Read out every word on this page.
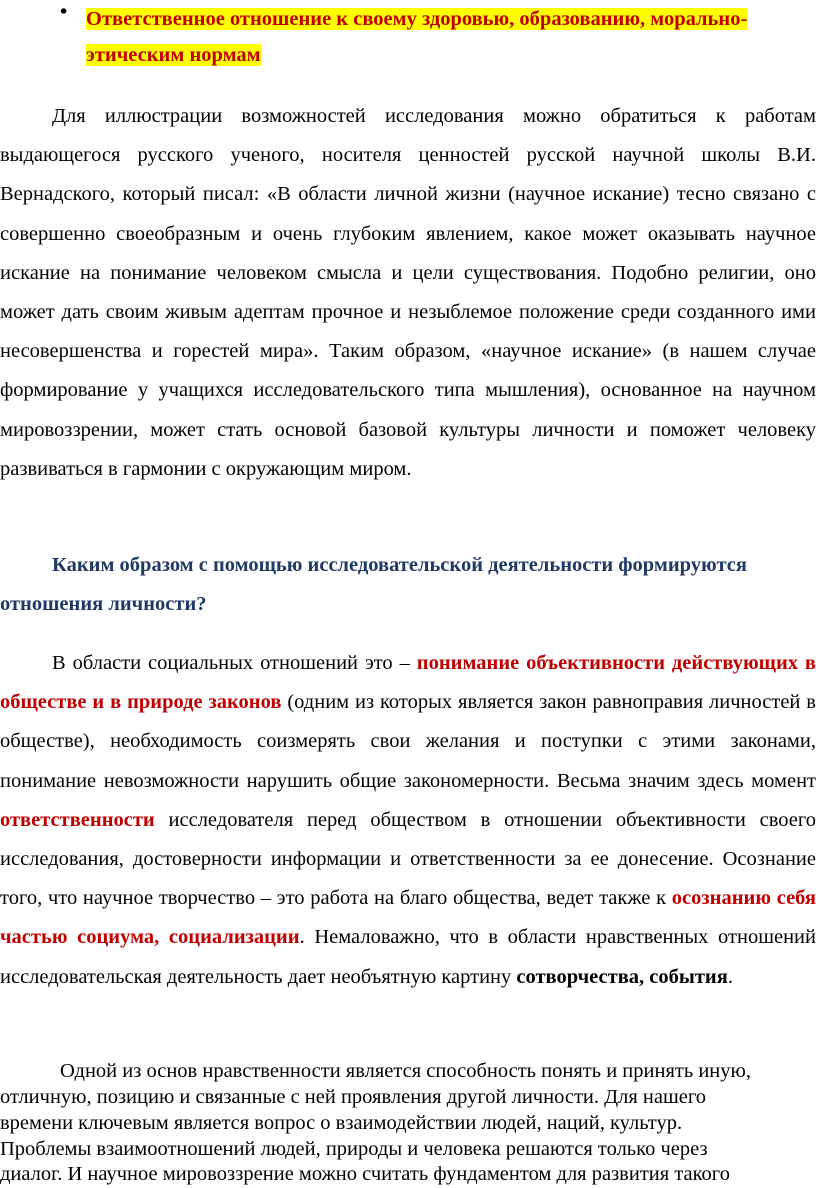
• Ответственное отношение к своему здоровью, образованию, морально-
этическим нормам

Для иллюстрации возможностей исследования можно обратиться к работам выдающегося русского ученого, носителя ценностей русской научной школы В.И. Вернадского, который писал: «В области личной жизни (научное искание) тесно связано с совершенно своеобразным и очень глубоким явлением, какое может оказывать научное искание на понимание человеком смысла и цели существования. Подобно религии, оно может дать своим живым адептам прочное и незыблемое положение среди созданного ими несовершенства и горестей мира». Таким образом, «научное искание» (в нашем случае формирование у учащихся исследовательского типа мышления), основанное на научном мировоззрении, может стать основой базовой культуры личности и поможет человеку развиваться в гармонии с окружающим миром.

Каким образом с помощью исследовательской деятельности формируются отношения личности?

В области социальных отношений это – понимание объективности действующих в обществе и в природе законов (одним из которых является закон равноправия личностей в обществе), необходимость соизмерять свои желания и поступки с этими законами, понимание невозможности нарушить общие закономерности. Весьма значим здесь момент ответственности исследователя перед обществом в отношении объективности своего исследования, достоверности информации и ответственности за ее донесение. Осознание того, что научное творчество – это работа на благо общества, ведет также к осознанию себя частью социума, социализации. Немаловажно, что в области нравственных отношений исследовательская деятельность дает необъятную картину сотворчества, события.

Одной из основ нравственности является способность понять и принять иную,
отличную, позицию и связанные с ней проявления другой личности. Для нашего
времени ключевым является вопрос о взаимодействии людей, наций, культур.
Проблемы взаимоотношений людей, природы и человека решаются только через
диалог. И научное мировоззрение можно считать фундаментом для развития такого
